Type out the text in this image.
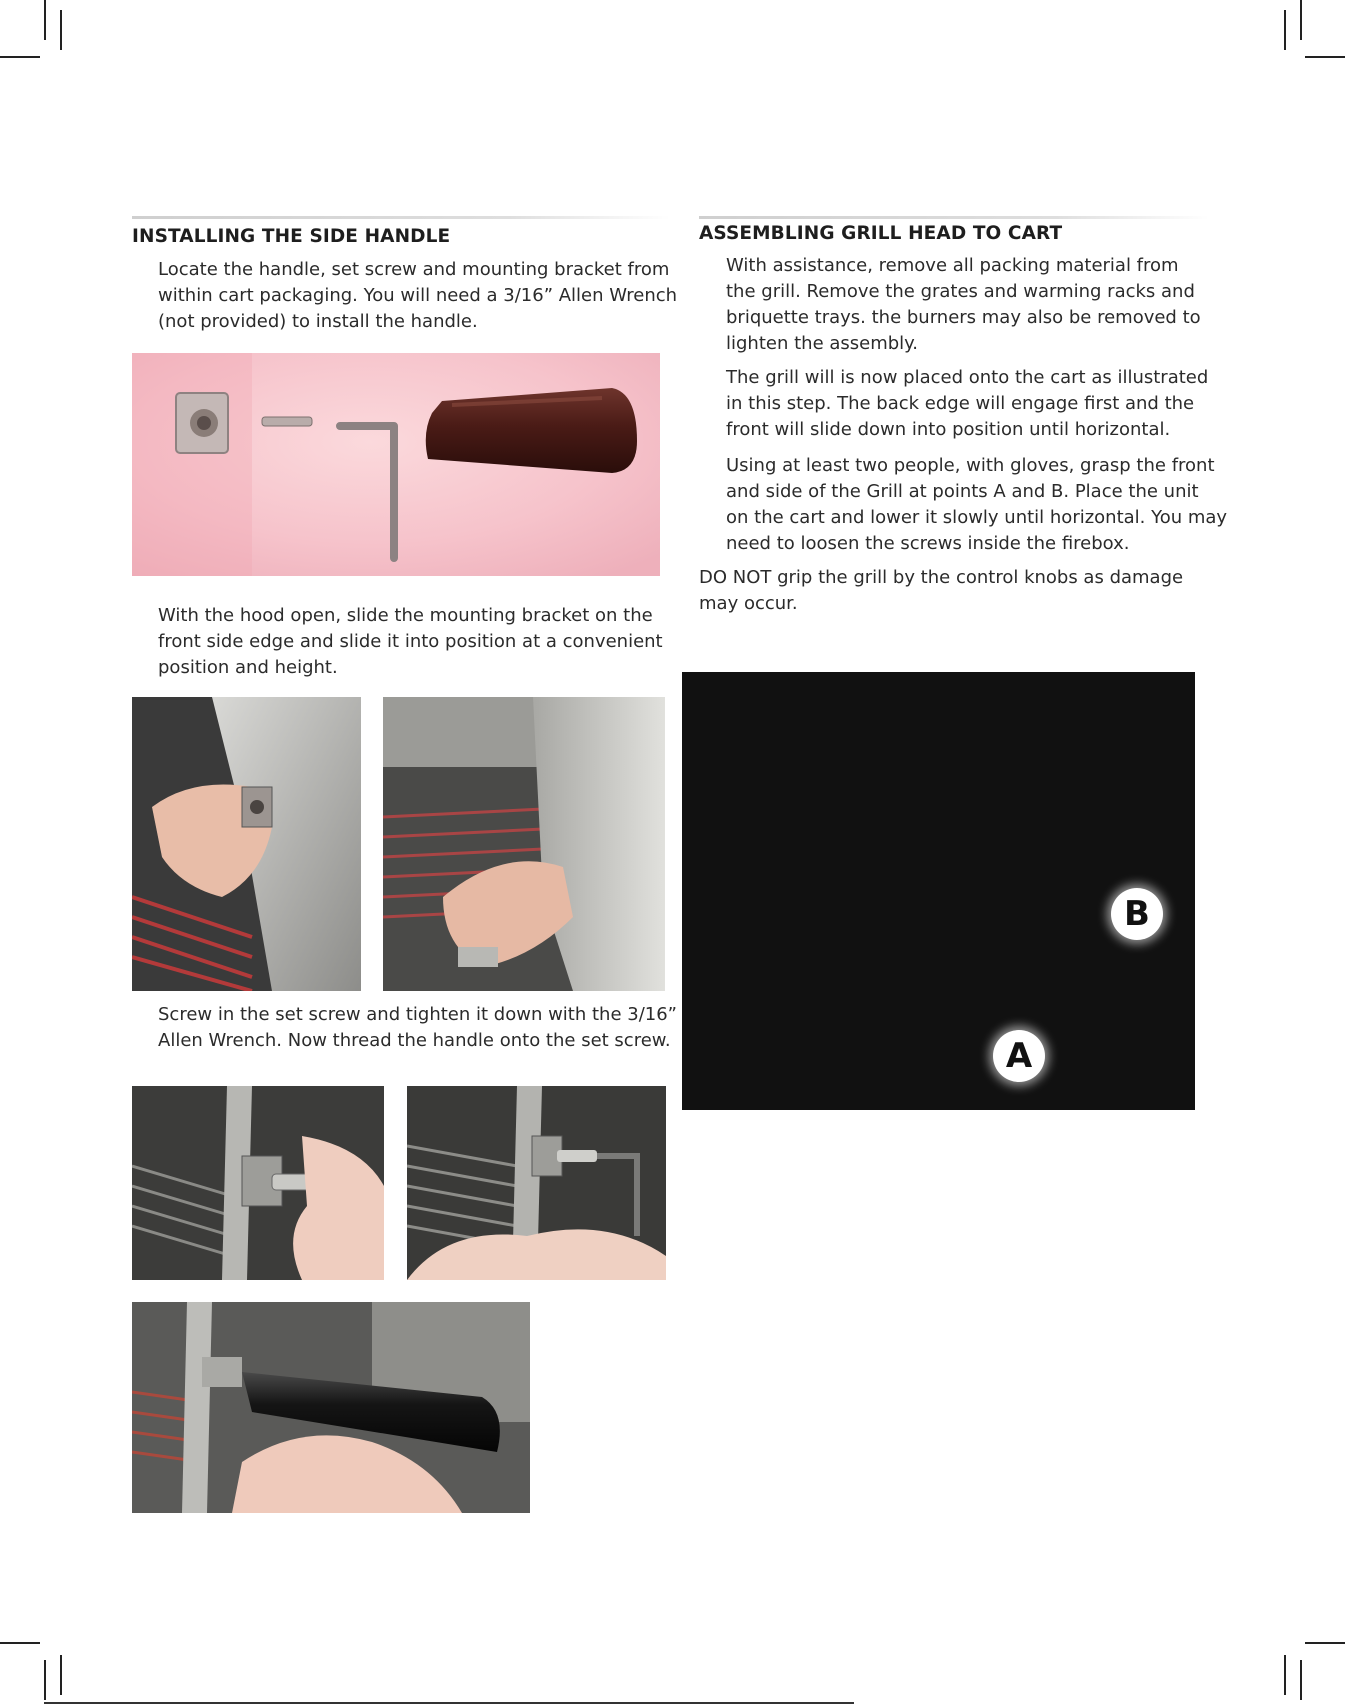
INSTALLING THE SIDE HANDLE

Locate the handle, set screw and mounting bracket from
within cart packaging. You will need a 3/16” Allen Wrench
(not provided) to install the handle.

With the hood open, slide the mounting bracket on the
front side edge and slide it into position at a convenient
position and height.

Screw in the set screw and tighten it down with the 3/16”
Allen Wrench. Now thread the handle onto the set screw.

ASSEMBLING GRILL HEAD TO CART

With assistance, remove all packing material from
the grill. Remove the grates and warming racks and
briquette trays. the burners may also be removed to
lighten the assembly.

The grill will is now placed onto the cart as illustrated
in this step. The back edge will engage first and the
front will slide down into position until horizontal.

Using at least two people, with gloves, grasp the front
and side of the Grill at points A and B. Place the unit
on the cart and lower it slowly until horizontal. You may
need to loosen the screws inside the firebox.

DO NOT grip the grill by the control knobs as damage
may occur.

B
A
